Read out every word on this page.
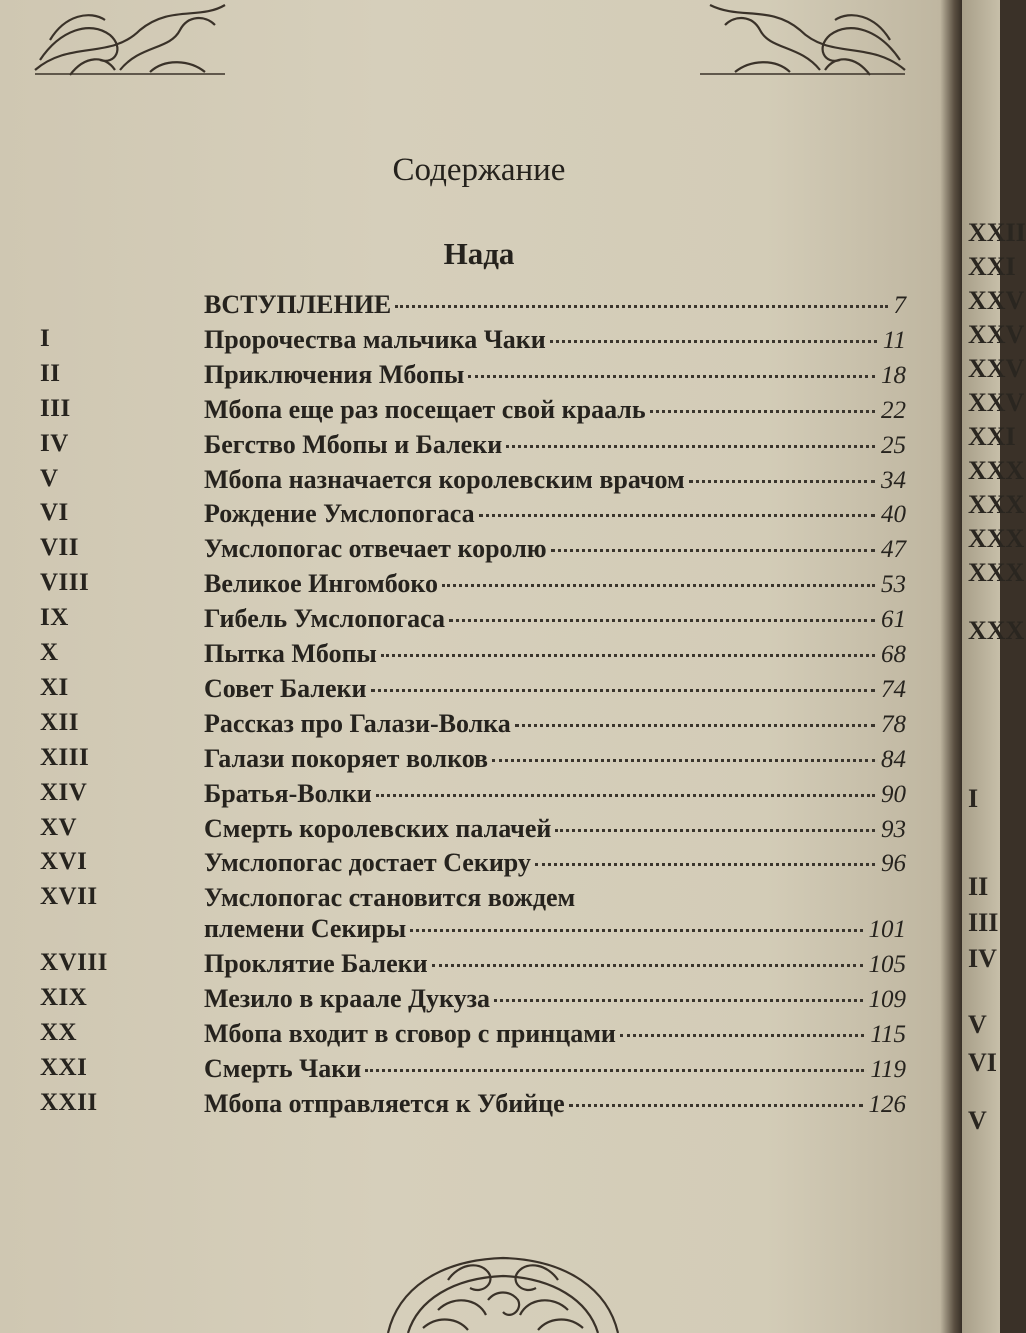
Содержание
Нада
ВСТУПЛЕНИЕ	7
I	Пророчества мальчика Чаки	11
II	Приключения Мбопы	18
III	Мбопа еще раз посещает свой крааль	22
IV	Бегство Мбопы и Балеки	25
V	Мбопа назначается королевским врачом	34
VI	Рождение Умслопогаса	40
VII	Умслопогас отвечает королю	47
VIII	Великое Ингомбоко	53
IX	Гибель Умслопогаса	61
X	Пытка Мбопы	68
XI	Совет Балеки	74
XII	Рассказ про Галази-Волка	78
XIII	Галази покоряет волков	84
XIV	Братья-Волки	90
XV	Смерть королевских палачей	93
XVI	Умслопогас достает Секиру	96
XVII	Умслопогас становится вождем
племени Секиры	101
XVIII	Проклятие Балеки	105
XIX	Мезило в краале Дукуза	109
XX	Мбопа входит в сговор с принцами	115
XXI	Смерть Чаки	119
XXII	Мбопа отправляется к Убийце	126
XXII
XXI
XXV
XXV
XXV
XXV
XXI
XXX
XXX
XXX
XXX
XXX
I
II
III
IV
V
VI
V
